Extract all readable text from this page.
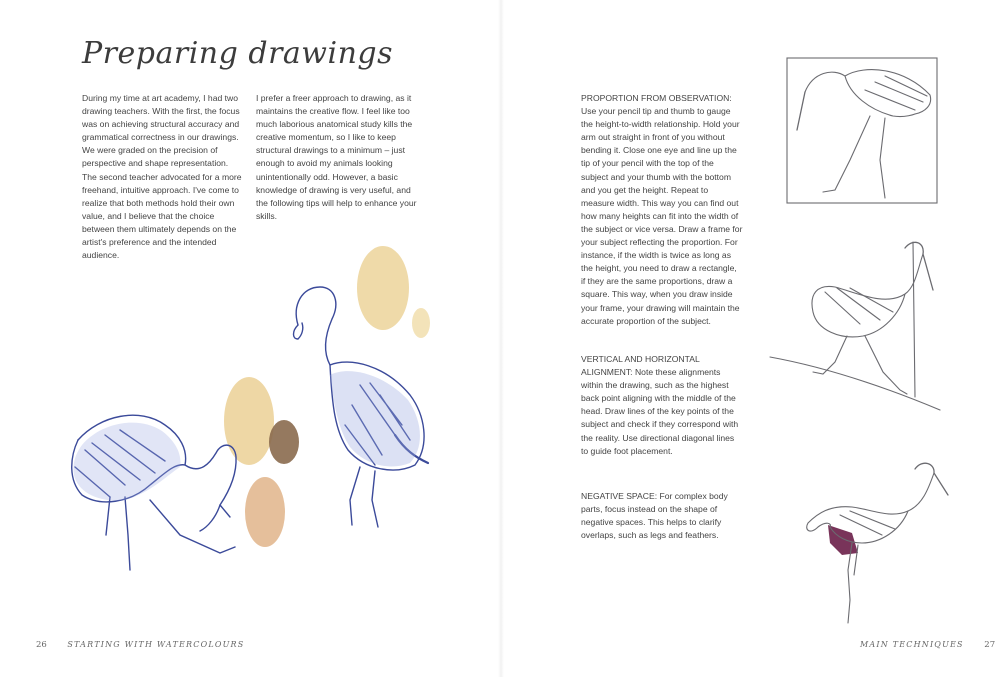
Preparing drawings

During my time at art academy, I had two drawing teachers. With the first, the focus was on achieving structural accuracy and grammatical correctness in our drawings. We were graded on the precision of perspective and shape representation. The second teacher advocated for a more freehand, intuitive approach. I've come to realize that both methods hold their own value, and I believe that the choice between them ultimately depends on the artist's preference and the intended audience.

I prefer a freer approach to drawing, as it maintains the creative flow. I feel like too much laborious anatomical study kills the creative momentum, so I like to keep structural drawings to a minimum – just enough to avoid my animals looking unintentionally odd. However, a basic knowledge of drawing is very useful, and the following tips will help to enhance your skills.

26	STARTING WITH WATERCOLOURS

PROPORTION FROM OBSERVATION: Use your pencil tip and thumb to gauge the height-to-width relationship. Hold your arm out straight in front of you without bending it. Close one eye and line up the tip of your pencil with the top of the subject and your thumb with the bottom and you get the height. Repeat to measure width. This way you can find out how many heights can fit into the width of the subject or vice versa. Draw a frame for your subject reflecting the proportion. For instance, if the width is twice as long as the height, you need to draw a rectangle, if they are the same proportions, draw a square. This way, when you draw inside your frame, your drawing will maintain the accurate proportion of the subject.

VERTICAL AND HORIZONTAL ALIGNMENT: Note these alignments within the drawing, such as the highest back point aligning with the middle of the head. Draw lines of the key points of the subject and check if they correspond with the reality. Use directional diagonal lines to guide foot placement.

NEGATIVE SPACE: For complex body parts, focus instead on the shape of negative spaces. This helps to clarify overlaps, such as legs and feathers.

MAIN TECHNIQUES 27
